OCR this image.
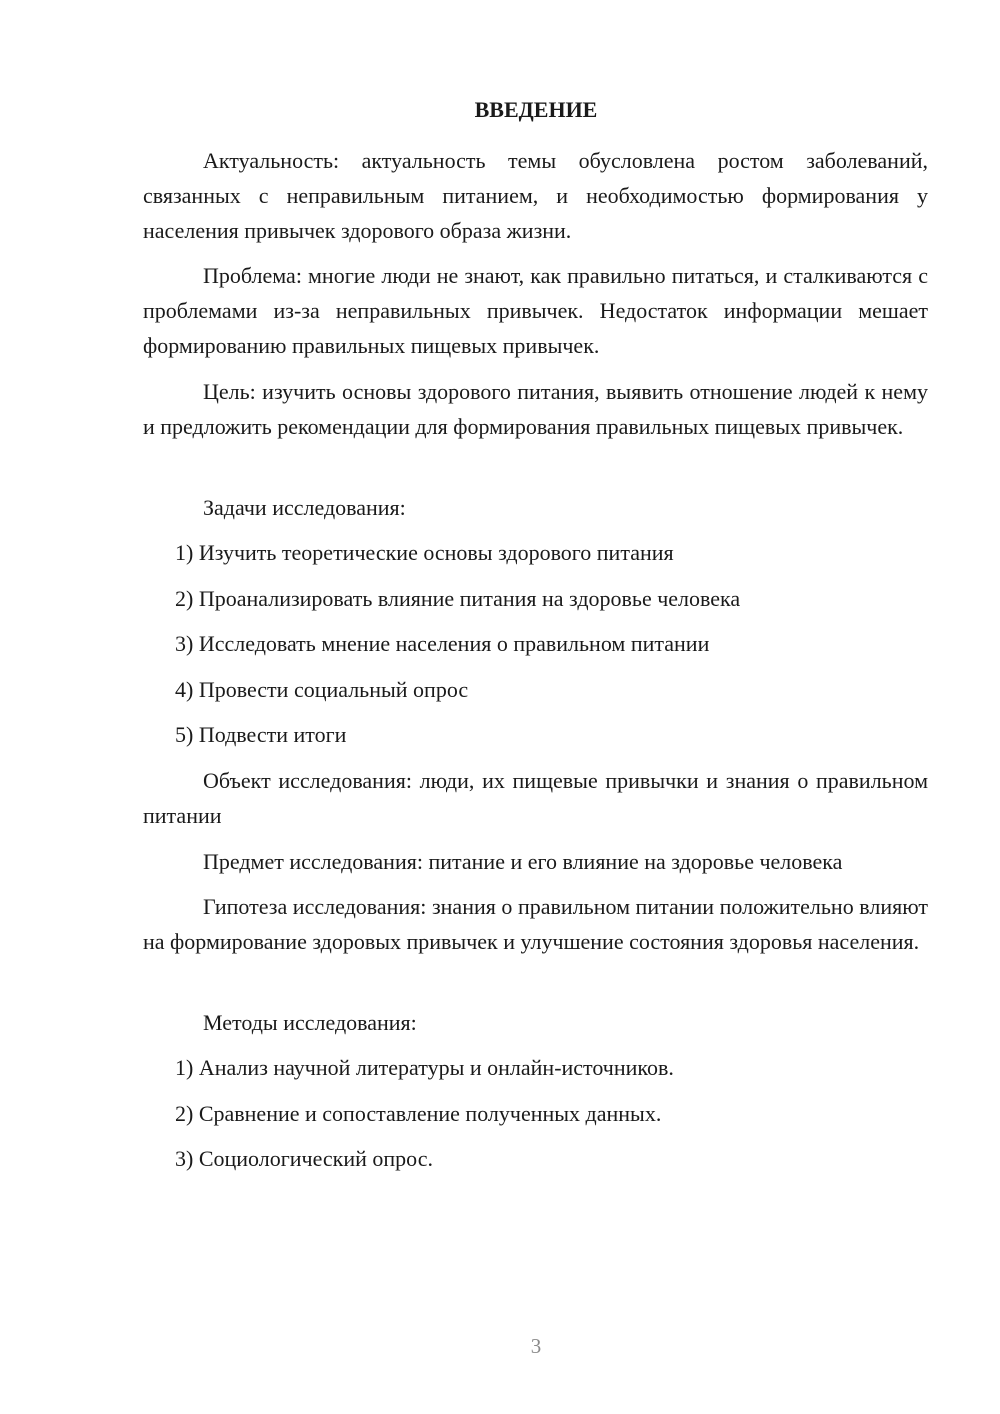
ВВЕДЕНИЕ

Актуальность: актуальность темы обусловлена ростом заболеваний, связанных с неправильным питанием, и необходимостью формирования у населения привычек здорового образа жизни.

Проблема: многие люди не знают, как правильно питаться, и сталкиваются с проблемами из-за неправильных привычек. Недостаток информации мешает формированию правильных пищевых привычек.

Цель: изучить основы здорового питания, выявить отношение людей к нему и предложить рекомендации для формирования правильных пищевых привычек.

Задачи исследования:

1) Изучить теоретические основы здорового питания

2) Проанализировать влияние питания на здоровье человека

3) Исследовать мнение населения о правильном питании

4) Провести социальный опрос

5) Подвести итоги

Объект исследования: люди, их пищевые привычки и знания о правильном питании

Предмет исследования: питание и его влияние на здоровье человека

Гипотеза исследования: знания о правильном питании положительно влияют на формирование здоровых привычек и улучшение состояния здоровья населения.

Методы исследования:

1) Анализ научной литературы и онлайн-источников.

2) Сравнение и сопоставление полученных данных.

3) Социологический опрос.

3
